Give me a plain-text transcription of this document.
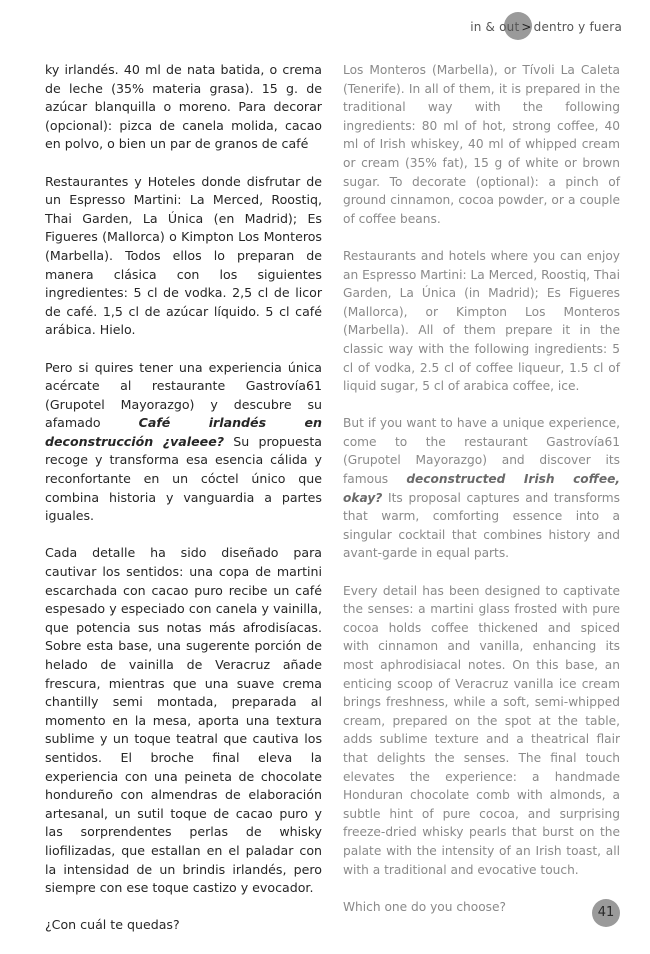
in & out > dentro y fuera

ky irlandés. 40 ml de nata batida, o crema de leche (35% materia grasa). 15 g. de azúcar blanquilla o moreno. Para decorar (opcional): pizca de canela molida, cacao en polvo, o bien un par de granos de café

Restaurantes y Hoteles donde disfrutar de un Espresso Martini: La Merced, Roostiq, Thai Garden, La Única (en Madrid); Es Figueres (Mallorca) o Kimpton Los Monteros (Marbella). Todos ellos lo preparan de manera clásica con los siguientes ingredientes: 5 cl de vodka. 2,5 cl de licor de café. 1,5 cl de azúcar líquido. 5 cl café arábica. Hielo.

Pero si quires tener una experiencia única acércate al restaurante Gastrovía61 (Grupotel Mayorazgo) y descubre su afamado Café irlandés en deconstrucción ¿valeee? Su propuesta recoge y transforma esa esencia cálida y reconfortante en un cóctel único que combina historia y vanguardia a partes iguales.

Cada detalle ha sido diseñado para cautivar los sentidos: una copa de martini escarchada con cacao puro recibe un café espesado y especiado con canela y vainilla, que potencia sus notas más afrodisíacas. Sobre esta base, una sugerente porción de helado de vainilla de Veracruz añade frescura, mientras que una suave crema chantilly semi montada, preparada al momento en la mesa, aporta una textura sublime y un toque teatral que cautiva los sentidos. El broche final eleva la experiencia con una peineta de chocolate hondureño con almendras de elaboración artesanal, un sutil toque de cacao puro y las sorprendentes perlas de whisky liofilizadas, que estallan en el paladar con la intensidad de un brindis irlandés, pero siempre con ese toque castizo y evocador.

¿Con cuál te quedas?

Los Monteros (Marbella), or Tívoli La Caleta (Tenerife). In all of them, it is prepared in the traditional way with the following ingredients: 80 ml of hot, strong coffee, 40 ml of Irish whiskey, 40 ml of whipped cream or cream (35% fat), 15 g of white or brown sugar. To decorate (optional): a pinch of ground cinnamon, cocoa powder, or a couple of coffee beans.

Restaurants and hotels where you can enjoy an Espresso Martini: La Merced, Roostiq, Thai Garden, La Única (in Madrid); Es Figueres (Mallorca), or Kimpton Los Monteros (Marbella). All of them prepare it in the classic way with the following ingredients: 5 cl of vodka, 2.5 cl of coffee liqueur, 1.5 cl of liquid sugar, 5 cl of arabica coffee, ice.

But if you want to have a unique experience, come to the restaurant Gastrovía61 (Grupotel Mayorazgo) and discover its famous deconstructed Irish coffee, okay? Its proposal captures and transforms that warm, comforting essence into a singular cocktail that combines history and avant-garde in equal parts.

Every detail has been designed to captivate the senses: a martini glass frosted with pure cocoa holds coffee thickened and spiced with cinnamon and vanilla, enhancing its most aphrodisiacal notes. On this base, an enticing scoop of Veracruz vanilla ice cream brings freshness, while a soft, semi-whipped cream, prepared on the spot at the table, adds sublime texture and a theatrical flair that delights the senses. The final touch elevates the experience: a handmade Honduran chocolate comb with almonds, a subtle hint of pure cocoa, and surprising freeze-dried whisky pearls that burst on the palate with the intensity of an Irish toast, all with a traditional and evocative touch.

Which one do you choose?	41
